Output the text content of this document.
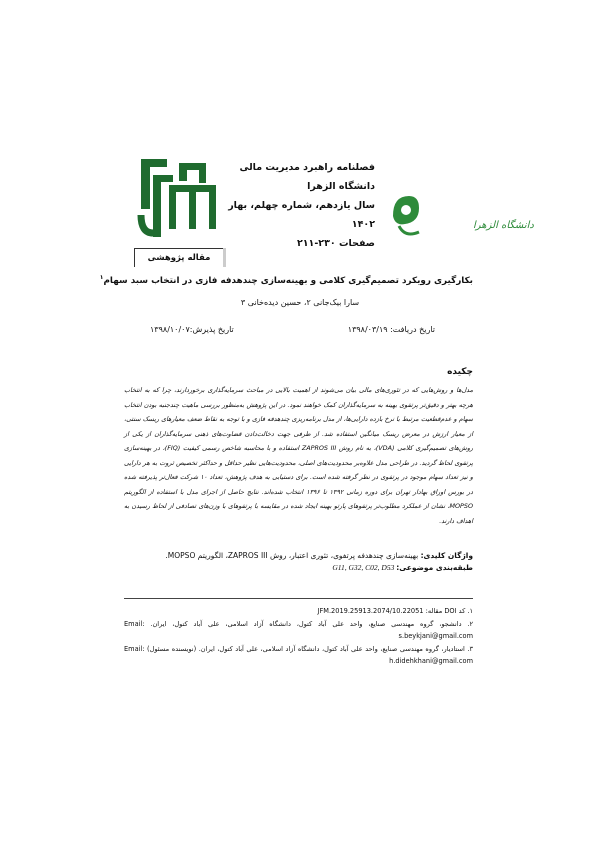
فصلنامه راهبرد مدیریت مالی
دانشگاه الزهرا
سال یازدهم، شماره چهلم، بهار ۱۴۰۲
صفحات ۲۳۰-۲۱۱
دانشگاه الزهرا
مقاله پژوهشی
بکارگیری رویکرد تصمیم‌گیری کلامی و بهینه‌سازی چندهدفه فازی در انتخاب سبد سهام$^۱$
سارا بیک‌جانی ۲، حسین دیده‌خانی ۳
تاریخ دریافت: ۱۳۹۸/۰۳/۱۹
تاریخ پذیرش:۱۳۹۸/۱۰/۰۷
چکیده
مدل‌ها و روش‌هایی که در تئوری‌های مالی بیان می‌شوند از اهمیت بالایی در مباحث سرمایه‌گذاری برخوردارند، چرا که به انتخاب هرچه بهتر و دقیق‌تر پرتفوی بهینه به سرمایه‌گذاران کمک خواهند نمود. در این پژوهش به‌منظور بررسی ماهیت چندجنبه بودن انتخاب سهام و عدم‌قطعیت مرتبط با نرخ بازده دارایی‌ها، از مدل برنامه‌ریزی چندهدفه فازی و با توجه به نقاط ضعف معیارهای ریسک سنتی، از معیار ارزش در معرض ریسک میانگین استفاده شد. از طرفی جهت دخالت‌دادن قضاوت‌های ذهنی سرمایه‌گذاران از یکی از روش‌های تصمیم‌گیری کلامی (VDA)، به نام روش ZAPROS III استفاده و با محاسبه شاخص رسمی کیفیت (FIQ)، در بهینه‌سازی پرتفوی لحاظ گردید. در طراحی مدل علاوه‌بر محدودیت‌های اصلی، محدودیت‌هایی نظیر حداقل و حداکثر تخصیص ثروت به هر دارایی و نیز تعداد سهام موجود در پرتفوی در نظر گرفته شده است. برای دستیابی به هدف پژوهش، تعداد ۱۰ شرکت فعال‌تر پذیرفته شده در بورس اوراق بهادار تهران برای دوره زمانی ۱۳۹۲ تا ۱۳۹۶ انتخاب شده‌اند. نتایج حاصل از اجرای مدل با استفاده از الگوریتم MOPSO، نشان از عملکرد مطلوب‌تر پرتفوهای پارتو بهینه ایجاد شده در مقایسه با پرتفوهای با وزن‌های تصادفی از لحاظ رسیدن به اهداف دارند.
واژگان کلیدی: بهینه‌سازی چندهدفه پرتفوی، تئوری اعتبار، روش ZAPROS III، الگوریتم MOPSO.
طبقه‌بندی موضوعی: G11, G32, C02, D53

۱. کد DOI مقاله: 10.22051/JFM.2019.25913.2074

۲. دانشجو، گروه مهندسی صنایع، واحد علی آباد کتول، دانشگاه آزاد اسلامی، علی آباد کتول، ایران. Email: s.beykjani@gmail.com

۳. استادیار، گروه مهندسی صنایع، واحد علی آباد کتول، دانشگاه آزاد اسلامی، علی آباد کتول، ایران. (نویسنده مسئول) Email: h.didehkhani@gmail.com
